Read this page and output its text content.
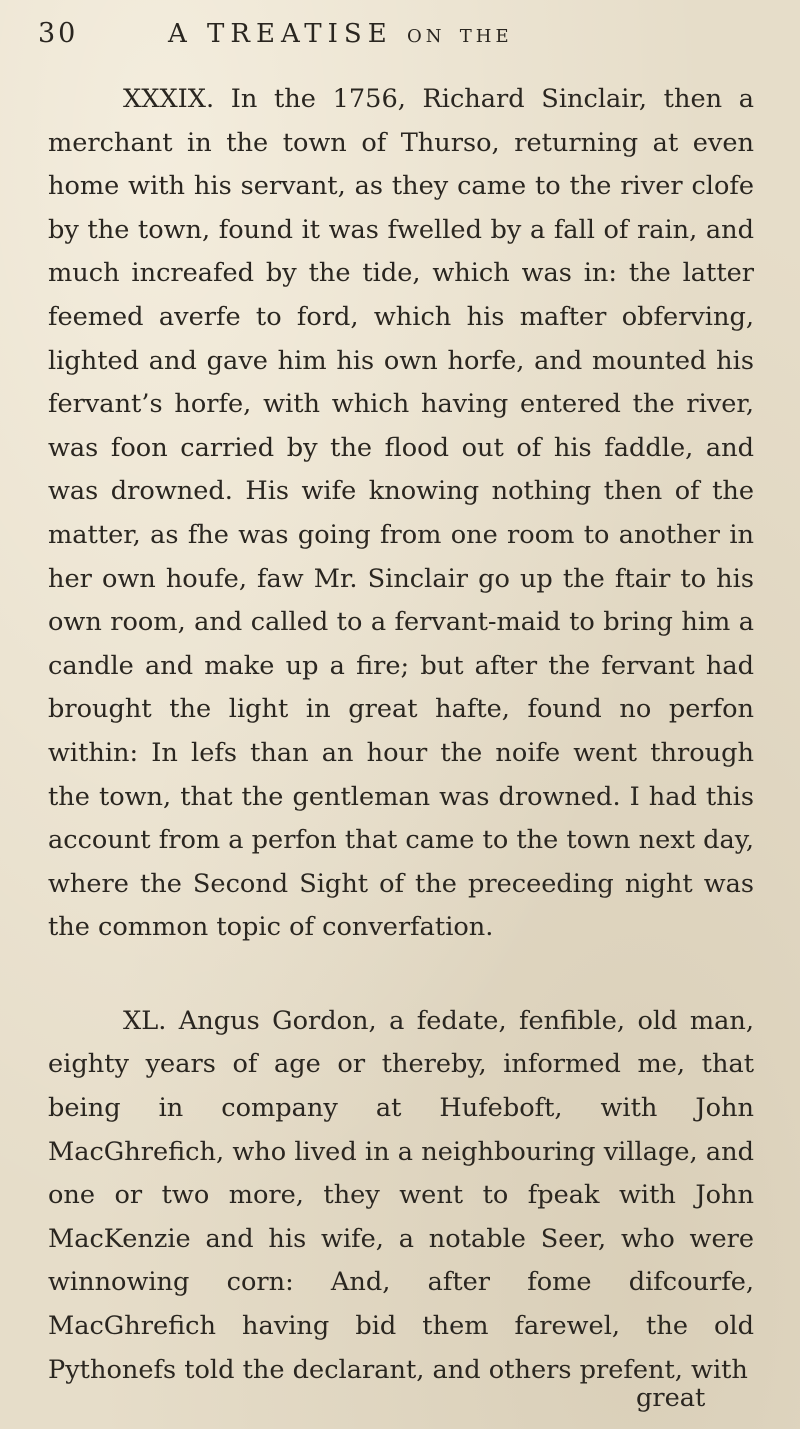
30	A TREATISE ON THE

XXXIX. In the 1756, Richard Sinclair, then a merchant in the town of Thurso, returning at even home with his servant, as they came to the river clofe by the town, found it was fwelled by a fall of rain, and much increafed by the tide, which was in: the latter feemed averfe to ford, which his mafter obferving, lighted and gave him his own horfe, and mounted his fervant’s horfe, with which having entered the river, was foon carried by the flood out of his faddle, and was drowned. His wife knowing nothing then of the matter, as fhe was going from one room to another in her own houfe, faw Mr. Sinclair go up the ftair to his own room, and called to a fervant-maid to bring him a candle and make up a fire; but after the fervant had brought the light in great hafte, found no perfon within: In lefs than an hour the noife went through the town, that the gentleman was drowned. I had this account from a perfon that came to the town next day, where the Second Sight of the preceeding night was the common topic of converfation.

XL. Angus Gordon, a fedate, fenfible, old man, eighty years of age or thereby, informed me, that being in company at Hufeboft, with John MacGhrefich, who lived in a neighbouring village, and one or two more, they went to fpeak with John MacKenzie and his wife, a notable Seer, who were winnowing corn: And, after fome difcourfe, MacGhrefich having bid them farewel, the old Pythonefs told the declarant, and others prefent, with

great
